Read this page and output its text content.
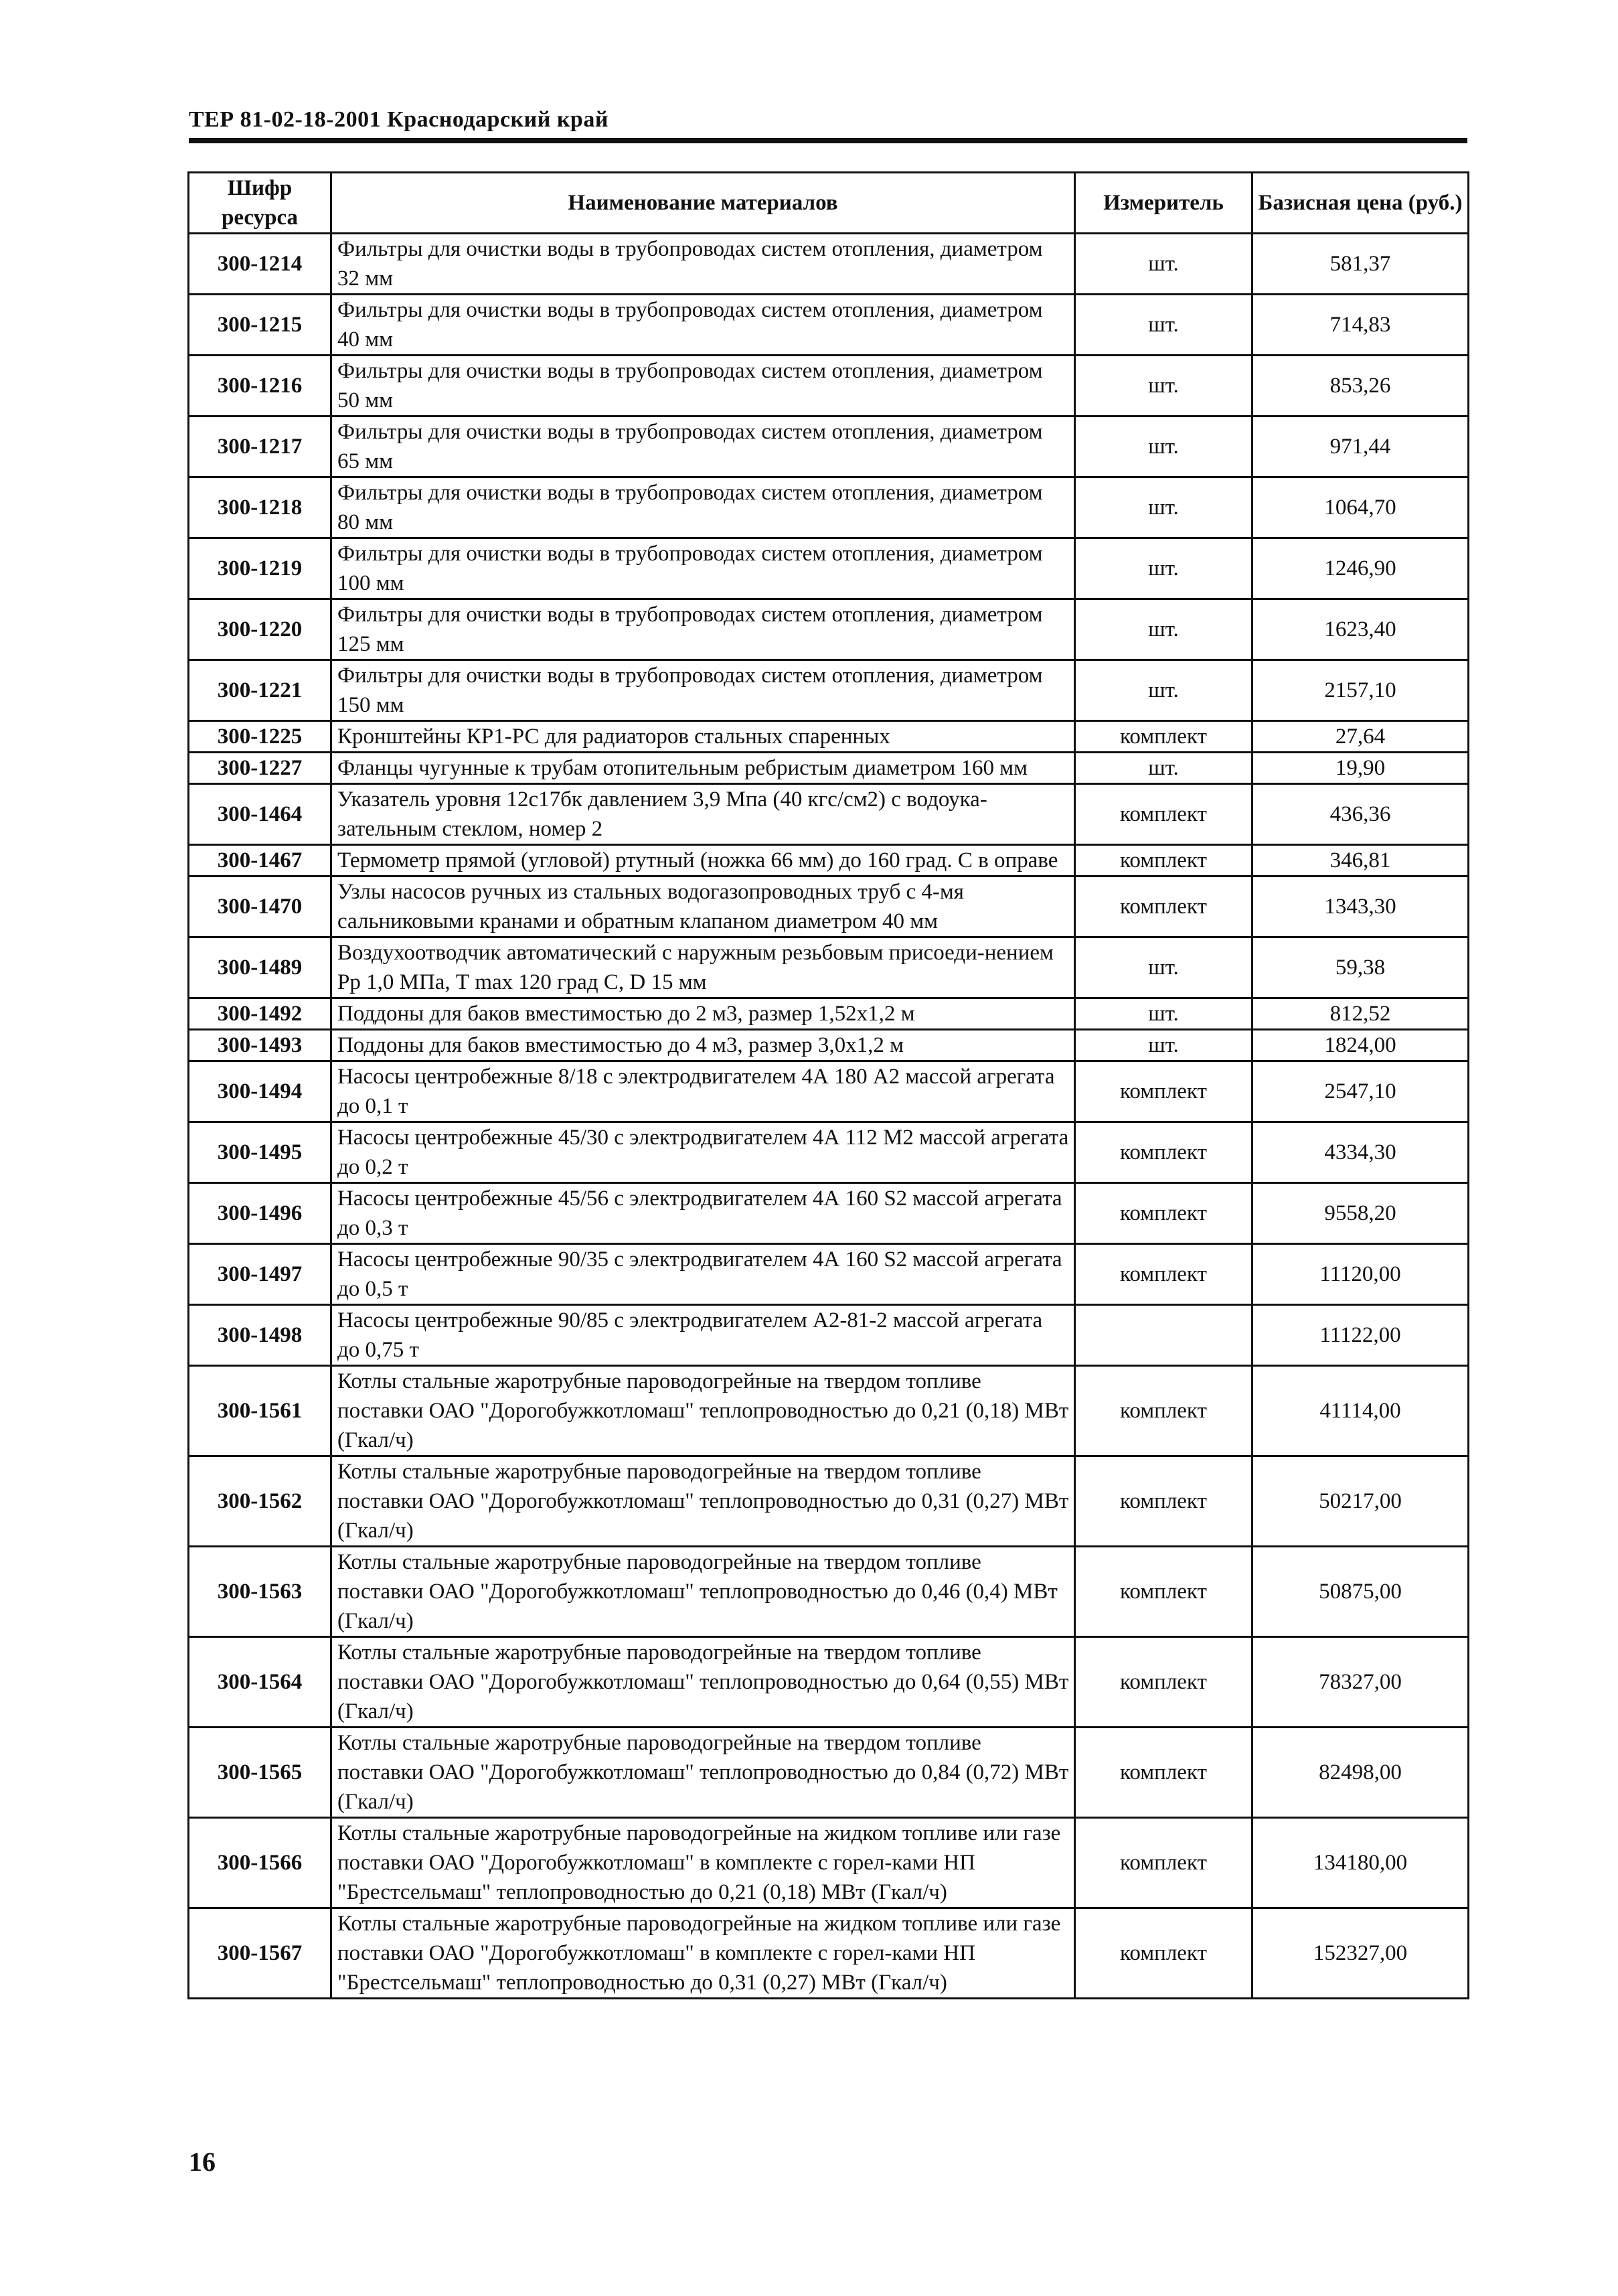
ТЕР 81-02-18-2001 Краснодарский край
Шифр ресурса	Наименование материалов	Измеритель	Базисная цена (руб.)
300-1214	Фильтры для очистки воды в трубопроводах систем отопления, диаметром 32 мм	шт.	581,37
300-1215	Фильтры для очистки воды в трубопроводах систем отопления, диаметром 40 мм	шт.	714,83
300-1216	Фильтры для очистки воды в трубопроводах систем отопления, диаметром 50 мм	шт.	853,26
300-1217	Фильтры для очистки воды в трубопроводах систем отопления, диаметром 65 мм	шт.	971,44
300-1218	Фильтры для очистки воды в трубопроводах систем отопления, диаметром 80 мм	шт.	1064,70
300-1219	Фильтры для очистки воды в трубопроводах систем отопления, диаметром 100 мм	шт.	1246,90
300-1220	Фильтры для очистки воды в трубопроводах систем отопления, диаметром 125 мм	шт.	1623,40
300-1221	Фильтры для очистки воды в трубопроводах систем отопления, диаметром 150 мм	шт.	2157,10
300-1225	Кронштейны КР1-РС для радиаторов стальных спаренных	комплект	27,64
300-1227	Фланцы чугунные к трубам отопительным ребристым диаметром 160 мм	шт.	19,90
300-1464	Указатель уровня 12с17бк давлением 3,9 Мпа (40 кгс/см2) с водоука-зательным стеклом, номер 2	комплект	436,36
300-1467	Термометр прямой (угловой) ртутный (ножка 66 мм) до 160 град. С в оправе	комплект	346,81
300-1470	Узлы насосов ручных из стальных водогазопроводных труб с 4-мя сальниковыми кранами и обратным клапаном диаметром 40 мм	комплект	1343,30
300-1489	Воздухоотводчик автоматический с наружным резьбовым присоеди-нением Рр 1,0 МПа, Т max 120 град С, D 15 мм	шт.	59,38
300-1492	Поддоны для баков вместимостью до 2 м3, размер 1,52х1,2 м	шт.	812,52
300-1493	Поддоны для баков вместимостью до 4 м3, размер 3,0х1,2 м	шт.	1824,00
300-1494	Насосы центробежные 8/18 с электродвигателем 4А 180 А2 массой агрегата до 0,1 т	комплект	2547,10
300-1495	Насосы центробежные 45/30 с электродвигателем 4А 112 М2 массой агрегата до 0,2 т	комплект	4334,30
300-1496	Насосы центробежные 45/56 с электродвигателем 4А 160 S2 массой агрегата до 0,3 т	комплект	9558,20
300-1497	Насосы центробежные 90/35 с электродвигателем 4А 160 S2 массой агрегата до 0,5 т	комплект	11120,00
300-1498	Насосы центробежные 90/85 с электродвигателем А2-81-2 массой агрегата до 0,75 т		11122,00
300-1561	Котлы стальные жаротрубные пароводогрейные на твердом топливе поставки ОАО "Дорогобужкотломаш" теплопроводностью до 0,21 (0,18) МВт (Гкал/ч)	комплект	41114,00
300-1562	Котлы стальные жаротрубные пароводогрейные на твердом топливе поставки ОАО "Дорогобужкотломаш" теплопроводностью до 0,31 (0,27) МВт (Гкал/ч)	комплект	50217,00
300-1563	Котлы стальные жаротрубные пароводогрейные на твердом топливе поставки ОАО "Дорогобужкотломаш" теплопроводностью до 0,46 (0,4) МВт (Гкал/ч)	комплект	50875,00
300-1564	Котлы стальные жаротрубные пароводогрейные на твердом топливе поставки ОАО "Дорогобужкотломаш" теплопроводностью до 0,64 (0,55) МВт (Гкал/ч)	комплект	78327,00
300-1565	Котлы стальные жаротрубные пароводогрейные на твердом топливе поставки ОАО "Дорогобужкотломаш" теплопроводностью до 0,84 (0,72) МВт (Гкал/ч)	комплект	82498,00
300-1566	Котлы стальные жаротрубные пароводогрейные на жидком топливе или газе поставки ОАО "Дорогобужкотломаш" в комплекте с горел-ками НП "Брестсельмаш" теплопроводностью до 0,21 (0,18) МВт (Гкал/ч)	комплект	134180,00
300-1567	Котлы стальные жаротрубные пароводогрейные на жидком топливе или газе поставки ОАО "Дорогобужкотломаш" в комплекте с горел-ками НП "Брестсельмаш" теплопроводностью до 0,31 (0,27) МВт (Гкал/ч)	комплект	152327,00
16
